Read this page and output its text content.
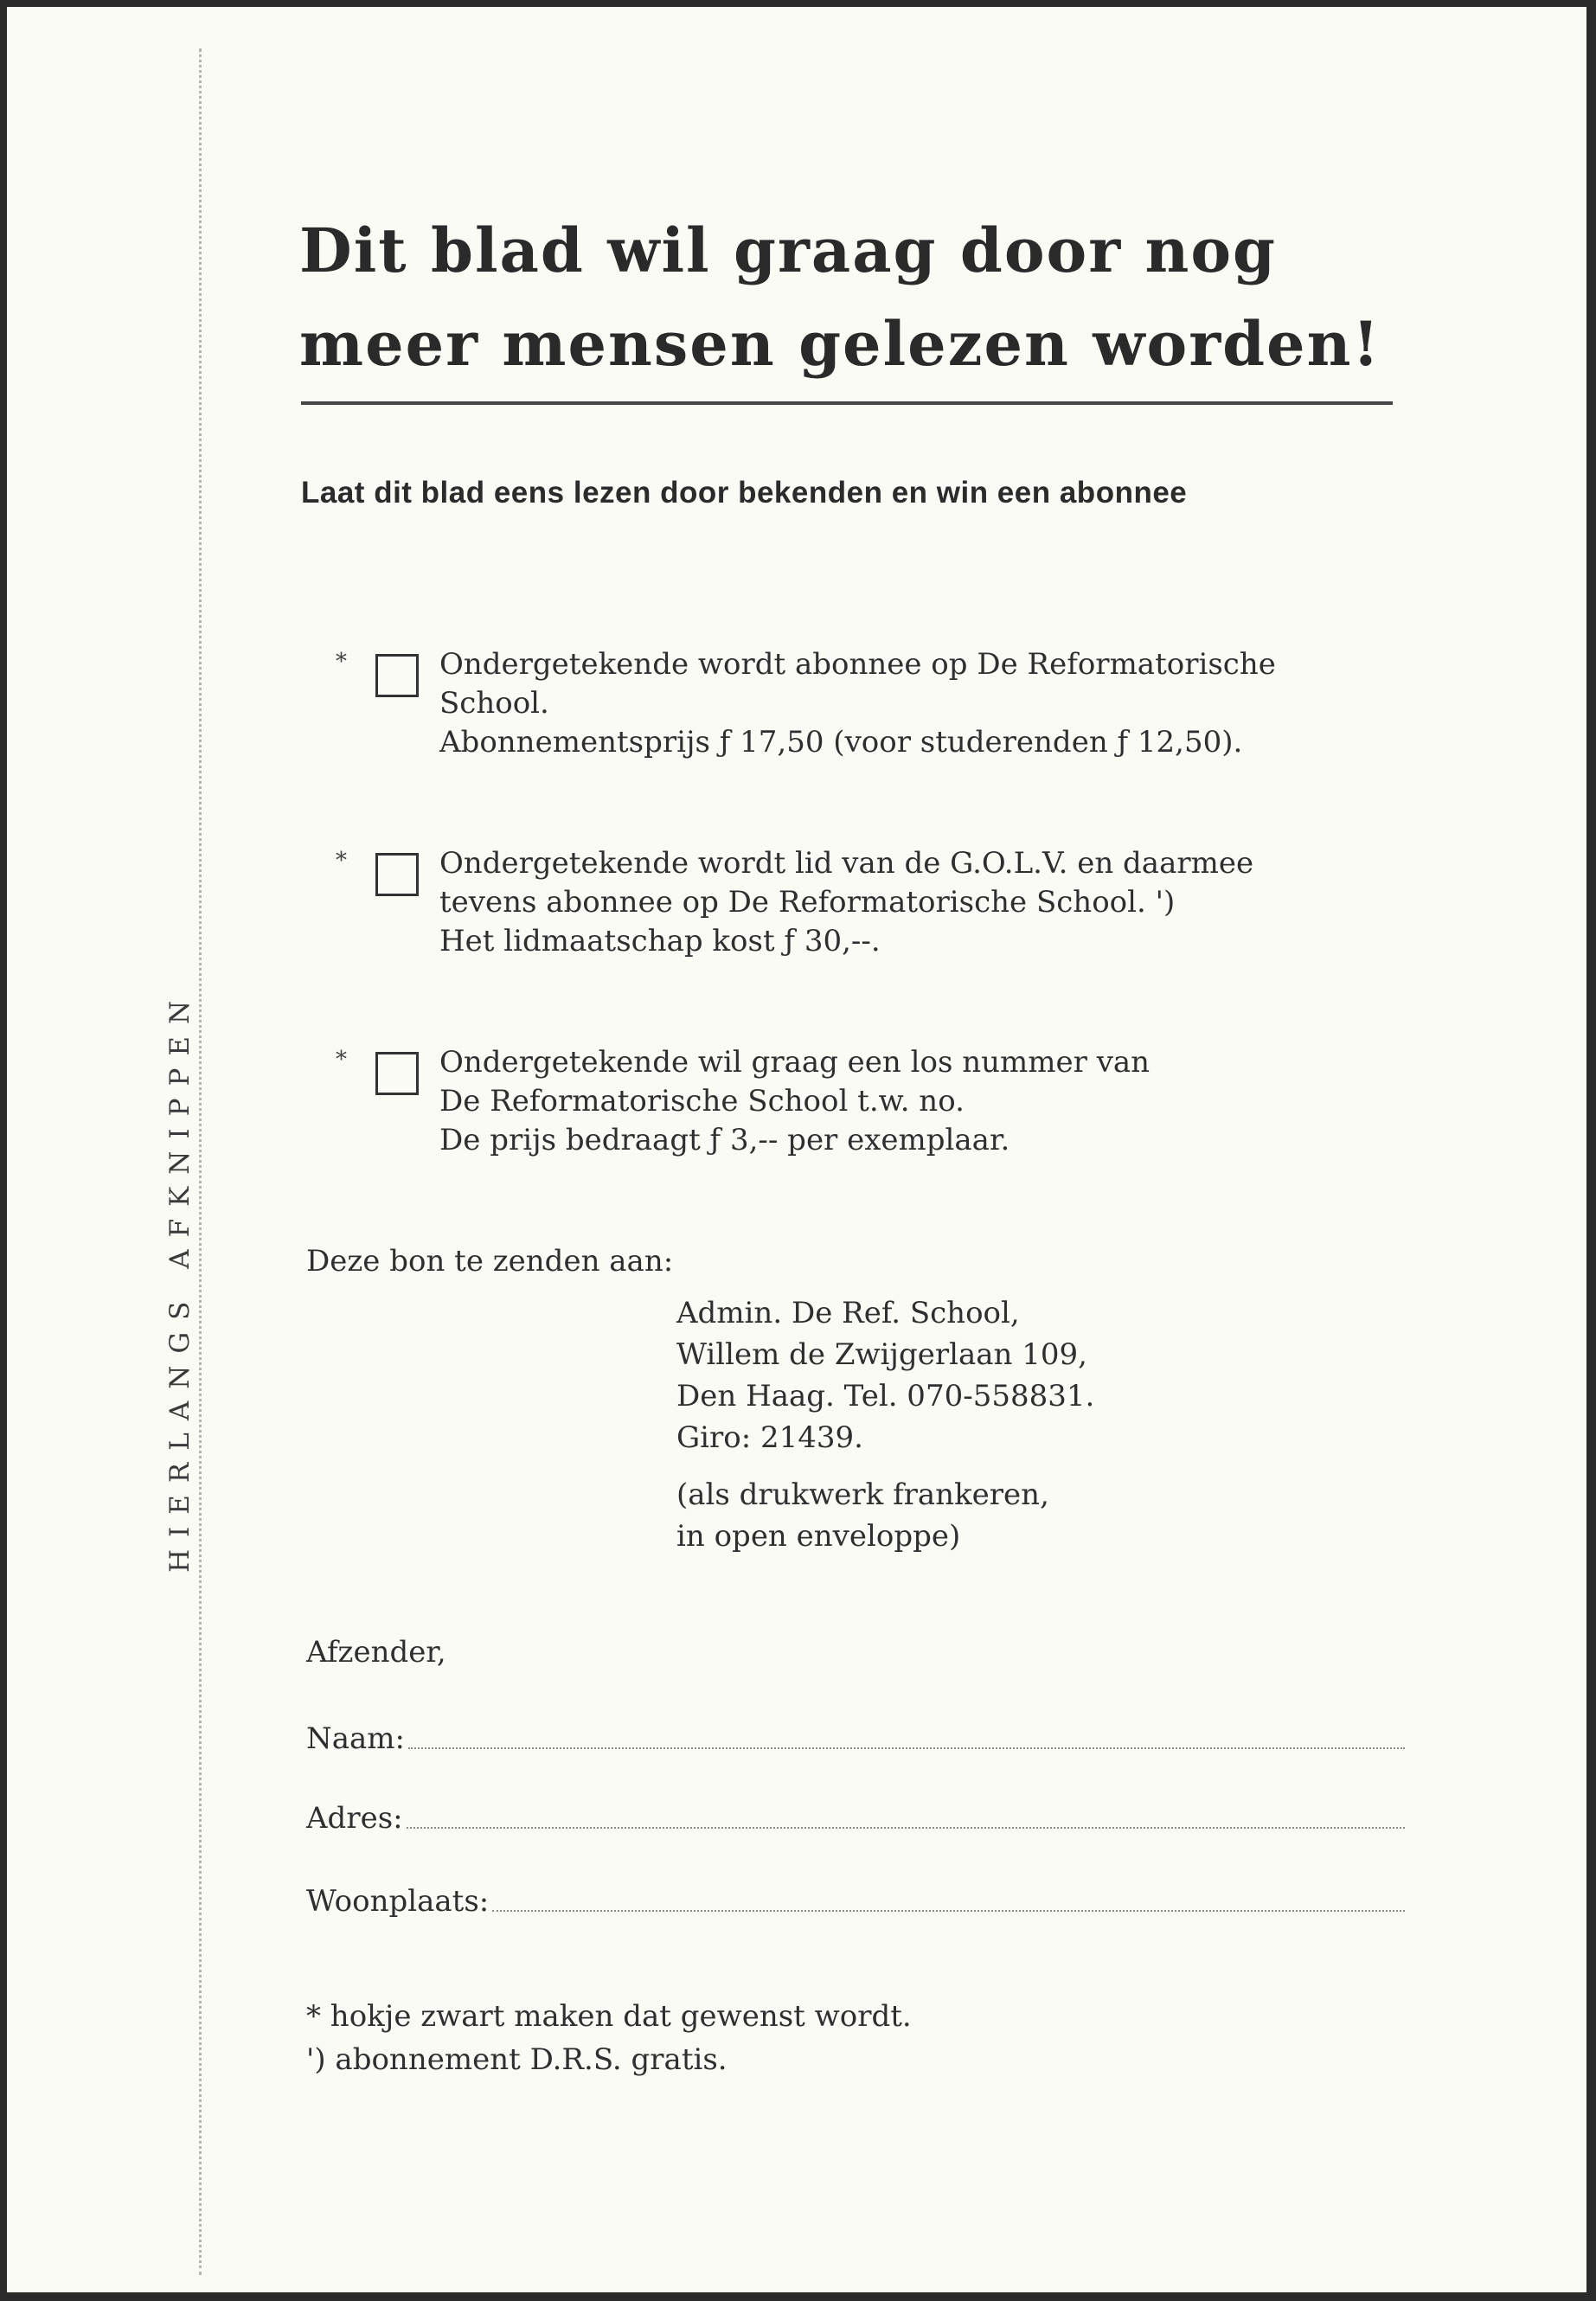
HIERLANGS AFKNIPPEN
Dit blad wil graag door nog
meer mensen gelezen worden!
Laat dit blad eens lezen door bekenden en win een abonnee
*	Ondergetekende wordt abonnee op De Reformatorische
School.
Abonnementsprijs ƒ 17,50 (voor studerenden ƒ 12,50).
*	Ondergetekende wordt lid van de G.O.L.V. en daarmee
tevens abonnee op De Reformatorische School. ')
Het lidmaatschap kost ƒ 30,--.
*	Ondergetekende wil graag een los nummer van
De Reformatorische School t.w. no.
De prijs bedraagt ƒ 3,-- per exemplaar.
Deze bon te zenden aan:
Admin. De Ref. School,
Willem de Zwijgerlaan 109,
Den Haag. Tel. 070-558831.
Giro: 21439.
(als drukwerk frankeren,
in open enveloppe)
Afzender,
Naam:
Adres:
Woonplaats:
* hokje zwart maken dat gewenst wordt.
') abonnement D.R.S. gratis.
